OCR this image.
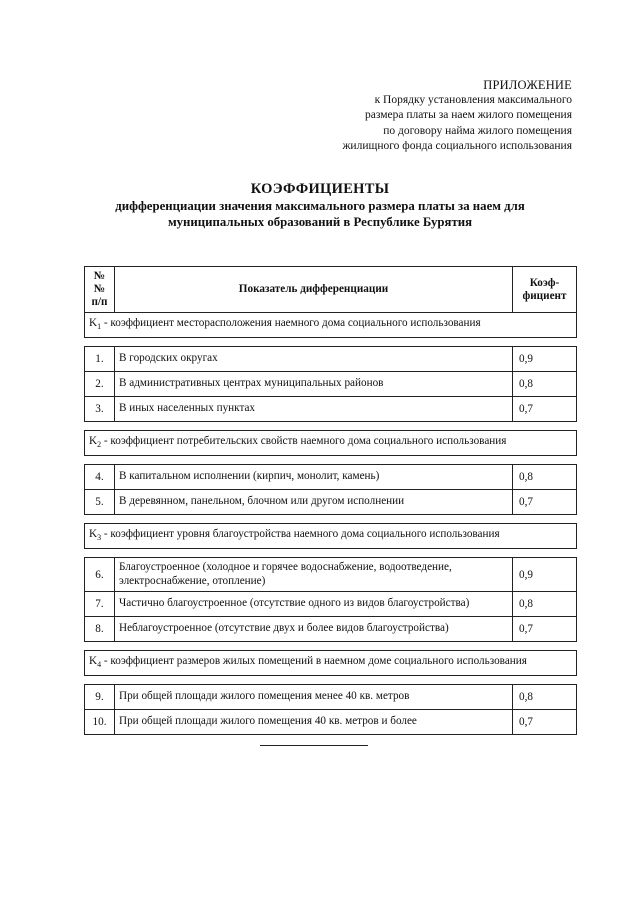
ПРИЛОЖЕНИЕ
к Порядку установления максимального
размера платы за наем жилого помещения
по договору найма жилого помещения
жилищного фонда социального использования
КОЭФФИЦИЕНТЫ
дифференциации значения максимального размера платы за наем для
муниципальных образований в Республике Бурятия
№№ п/п	Показатель дифференциации	Коэф-фициент
$K_1$ - коэффициент месторасположения наемного дома социального использования		

1.	В городских округах	0,9
2.	В административных центрах муниципальных районов	0,8
3.	В иных населенных пунктах	0,7

$K_2$ - коэффициент потребительских свойств наемного дома социального использования		

4.	В капитальном исполнении (кирпич, монолит, камень)	0,8
5.	В деревянном, панельном, блочном или другом исполнении	0,7

$K_3$ - коэффициент уровня благоустройства наемного дома социального использования		

6.	Благоустроенное (холодное и горячее водоснабжение, водоотведение, электроснабжение, отопление)	0,9
7.	Частично благоустроенное (отсутствие одного из видов благоустройства)	0,8
8.	Неблагоустроенное (отсутствие двух и более видов благоустройства)	0,7

$K_4$ - коэффициент размеров жилых помещений в наемном доме социального использования		

9.	При общей площади жилого помещения менее 40 кв. метров	0,8
10.	При общей площади жилого помещения 40 кв. метров и более	0,7
